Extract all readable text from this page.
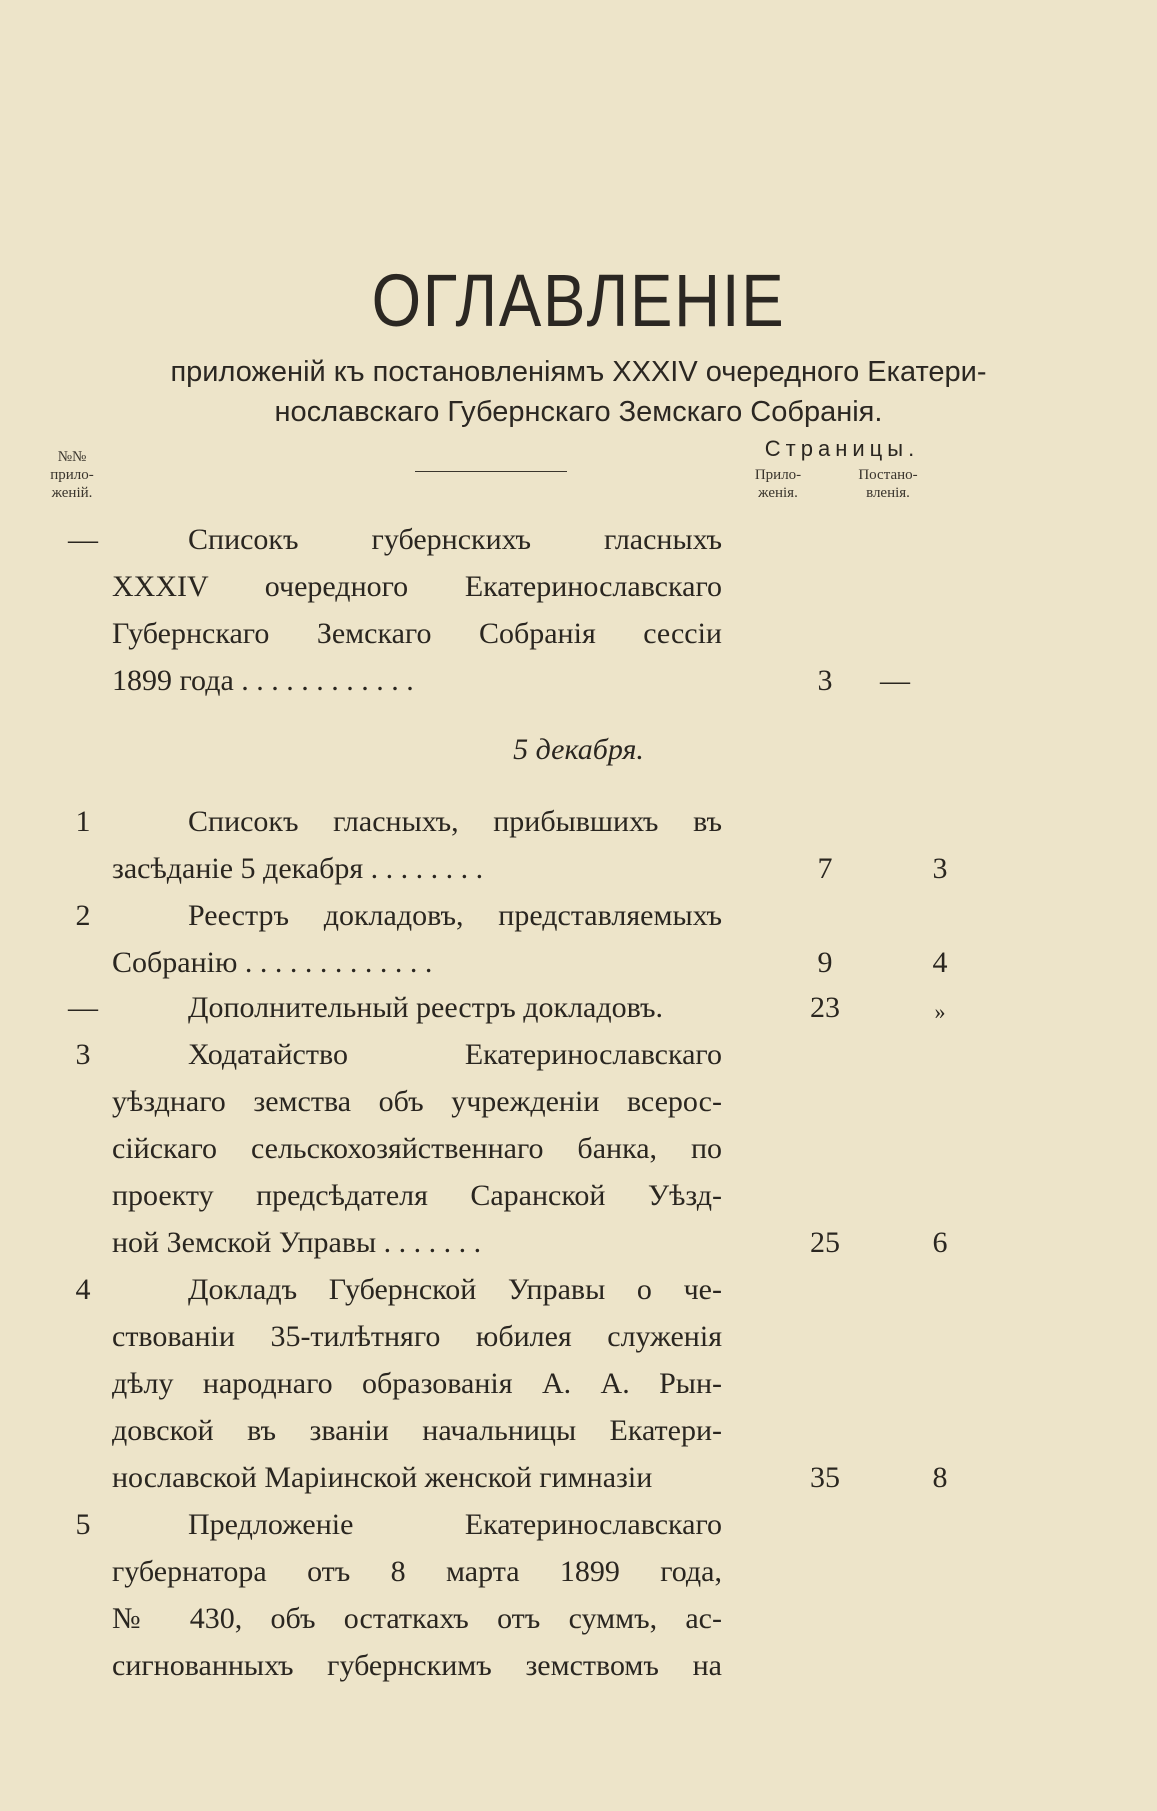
ОГЛАВЛЕНІЕ
приложеній къ постановленіямъ XXXIV очередного Екатери-
нославскаго Губернскаго Земскаго Собранія.
№№ прило- женій.
Страницы.
Прило- женія.
Постано- вленія.
—	Списокъ губернскихъ гласныхъ
XXXIV очередного Екатеринославскаго
Губернскаго Земскаго Собранія сессіи
1899 года . . . . . . . . . . . .	3	—
5 декабря.
1	Списокъ гласныхъ, прибывшихъ въ
засѣданіе 5 декабря . . . . . . . .	7	3
2	Реестръ докладовъ, представляемыхъ
Собранію . . . . . . . . . . . . .	9	4
—	Дополнительный реестръ докладовъ.	23	»
3	Ходатайство Екатеринославскаго
уѣзднаго земства объ учрежденіи всерос-
сійскаго сельскохозяйственнаго банка, по
проекту предсѣдателя Саранской Уѣзд-
ной Земской Управы . . . . . . .	25	6
4	Докладъ Губернской Управы о че-
ствованіи 35-тилѣтняго юбилея служенія
дѣлу народнаго образованія А. А. Рын-
довской въ званіи начальницы Екатери-
нославской Маріинской женской гимназіи	35	8
5	Предложеніе Екатеринославскаго
губернатора отъ 8 марта 1899 года,
№ 430, объ остаткахъ отъ суммъ, ас-
сигнованныхъ губернскимъ земствомъ на
